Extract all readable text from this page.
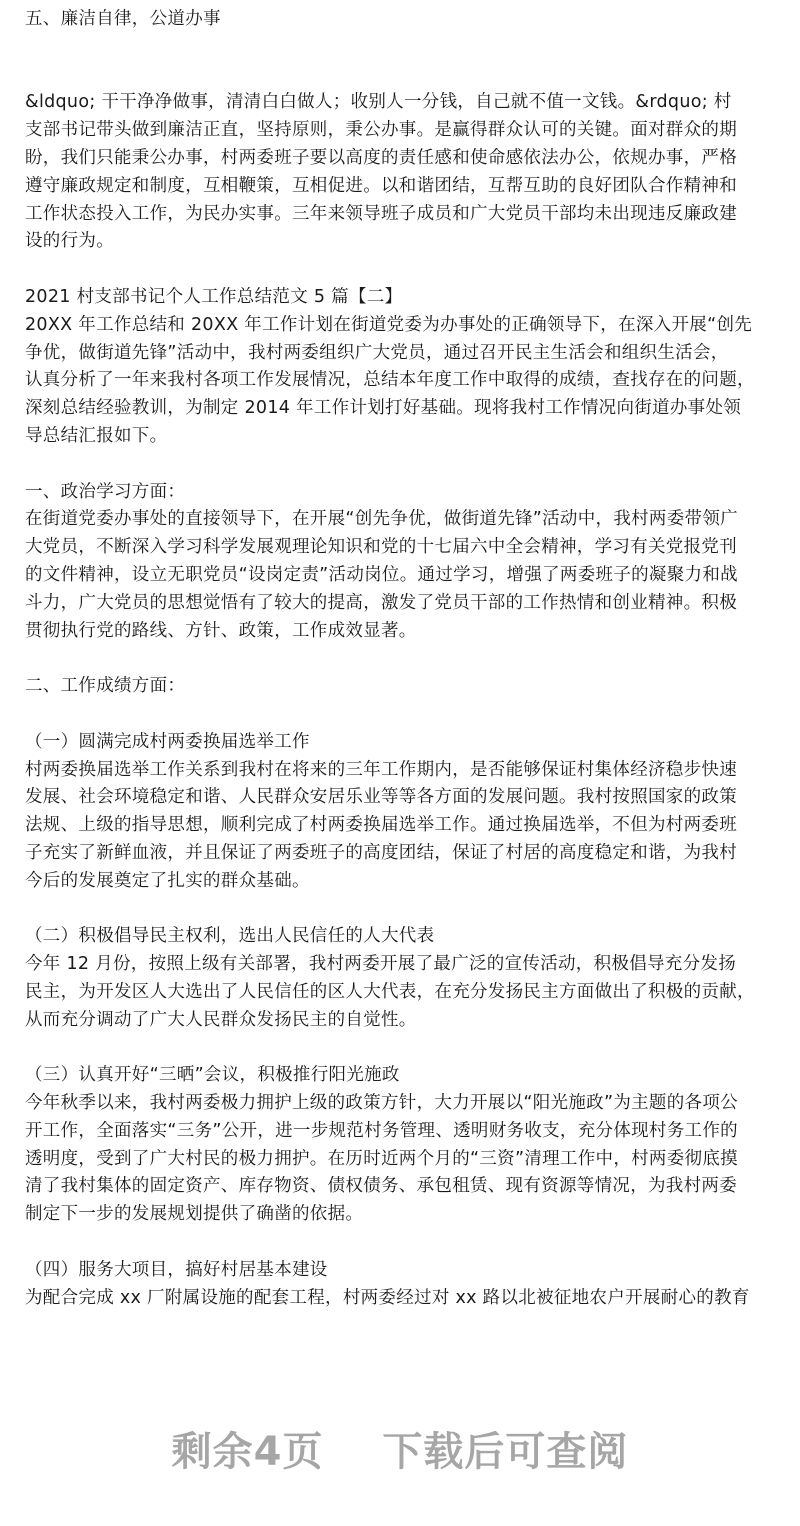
五、廉洁自律，公道办事
&ldquo; 干干净净做事，清清白白做人；收别人一分钱，自己就不值一文钱。&rdquo; 村
支部书记带头做到廉洁正直，坚持原则，秉公办事。是赢得群众认可的关键。面对群众的期
盼，我们只能秉公办事，村两委班子要以高度的责任感和使命感依法办公，依规办事，严格
遵守廉政规定和制度，互相鞭策，互相促进。以和谐团结，互帮互助的良好团队合作精神和
工作状态投入工作，为民办实事。三年来领导班子成员和广大党员干部均未出现违反廉政建
设的行为。
2021 村支部书记个人工作总结范文 5 篇【二】
20XX 年工作总结和 20XX 年工作计划在街道党委为办事处的正确领导下，在深入开展“创先
争优，做街道先锋”活动中，我村两委组织广大党员，通过召开民主生活会和组织生活会，
认真分析了一年来我村各项工作发展情况，总结本年度工作中取得的成绩，查找存在的问题，
深刻总结经验教训，为制定 2014 年工作计划打好基础。现将我村工作情况向街道办事处领
导总结汇报如下。
一、政治学习方面：
在街道党委办事处的直接领导下，在开展“创先争优，做街道先锋”活动中，我村两委带领广
大党员，不断深入学习科学发展观理论知识和党的十七届六中全会精神，学习有关党报党刊
的文件精神，设立无职党员“设岗定责”活动岗位。通过学习，增强了两委班子的凝聚力和战
斗力，广大党员的思想觉悟有了较大的提高，激发了党员干部的工作热情和创业精神。积极
贯彻执行党的路线、方针、政策，工作成效显著。
二、工作成绩方面：
（一）圆满完成村两委换届选举工作
村两委换届选举工作关系到我村在将来的三年工作期内，是否能够保证村集体经济稳步快速
发展、社会环境稳定和谐、人民群众安居乐业等等各方面的发展问题。我村按照国家的政策
法规、上级的指导思想，顺利完成了村两委换届选举工作。通过换届选举，不但为村两委班
子充实了新鲜血液，并且保证了两委班子的高度团结，保证了村居的高度稳定和谐，为我村
今后的发展奠定了扎实的群众基础。
（二）积极倡导民主权利，选出人民信任的人大代表
今年 12 月份，按照上级有关部署，我村两委开展了最广泛的宣传活动，积极倡导充分发扬
民主，为开发区人大选出了人民信任的区人大代表，在充分发扬民主方面做出了积极的贡献，
从而充分调动了广大人民群众发扬民主的自觉性。
（三）认真开好“三晒”会议，积极推行阳光施政
今年秋季以来，我村两委极力拥护上级的政策方针，大力开展以“阳光施政”为主题的各项公
开工作，全面落实“三务”公开，进一步规范村务管理、透明财务收支，充分体现村务工作的
透明度，受到了广大村民的极力拥护。在历时近两个月的“三资”清理工作中，村两委彻底摸
清了我村集体的固定资产、库存物资、债权债务、承包租赁、现有资源等情况，为我村两委
制定下一步的发展规划提供了确凿的依据。
（四）服务大项目，搞好村居基本建设
为配合完成 xx 厂附属设施的配套工程，村两委经过对 xx 路以北被征地农户开展耐心的教育
剩余4页 下载后可查阅
